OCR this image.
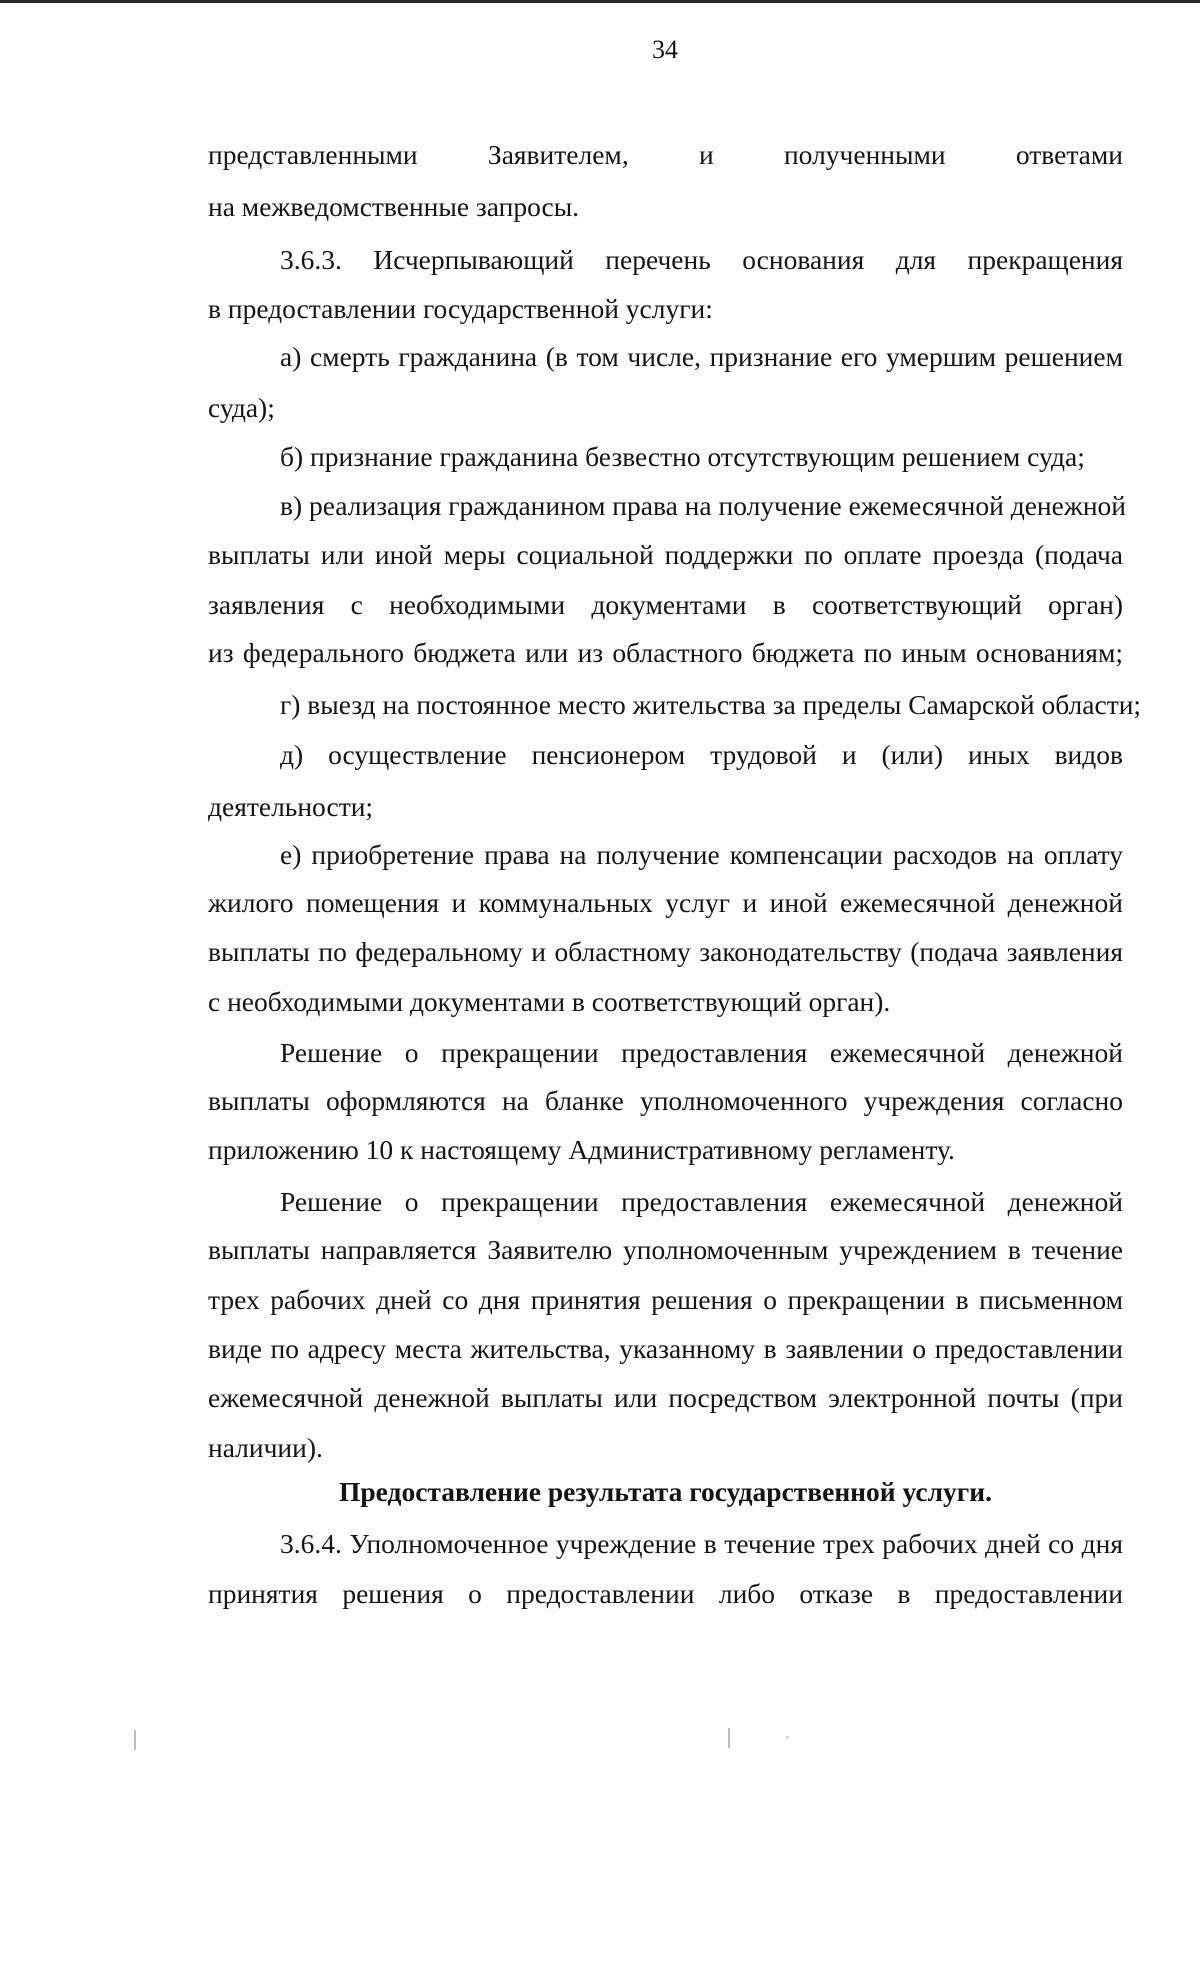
34
представленными Заявителем, и полученными ответами
на межведомственные запросы.
3.6.3. Исчерпывающий перечень основания для прекращения
в предоставлении государственной услуги:
а) смерть гражданина (в том числе, признание его умершим решением
суда);
б) признание гражданина безвестно отсутствующим решением суда;
в) реализация гражданином права на получение ежемесячной денежной
выплаты или иной меры социальной поддержки по оплате проезда (подача
заявления с необходимыми документами в соответствующий орган)
из федерального бюджета или из областного бюджета по иным основаниям;
г) выезд на постоянное место жительства за пределы Самарской области;
д) осуществление пенсионером трудовой и (или) иных видов
деятельности;
е) приобретение права на получение компенсации расходов на оплату
жилого помещения и коммунальных услуг и иной ежемесячной денежной
выплаты по федеральному и областному законодательству (подача заявления
с необходимыми документами в соответствующий орган).
Решение о прекращении предоставления ежемесячной денежной
выплаты оформляются на бланке уполномоченного учреждения согласно
приложению 10 к настоящему Административному регламенту.
Решение о прекращении предоставления ежемесячной денежной
выплаты направляется Заявителю уполномоченным учреждением в течение
трех рабочих дней со дня принятия решения о прекращении в письменном
виде по адресу места жительства, указанному в заявлении о предоставлении
ежемесячной денежной выплаты или посредством электронной почты (при
наличии).
Предоставление результата государственной услуги.
3.6.4. Уполномоченное учреждение в течение трех рабочих дней со дня
принятия решения о предоставлении либо отказе в предоставлении
